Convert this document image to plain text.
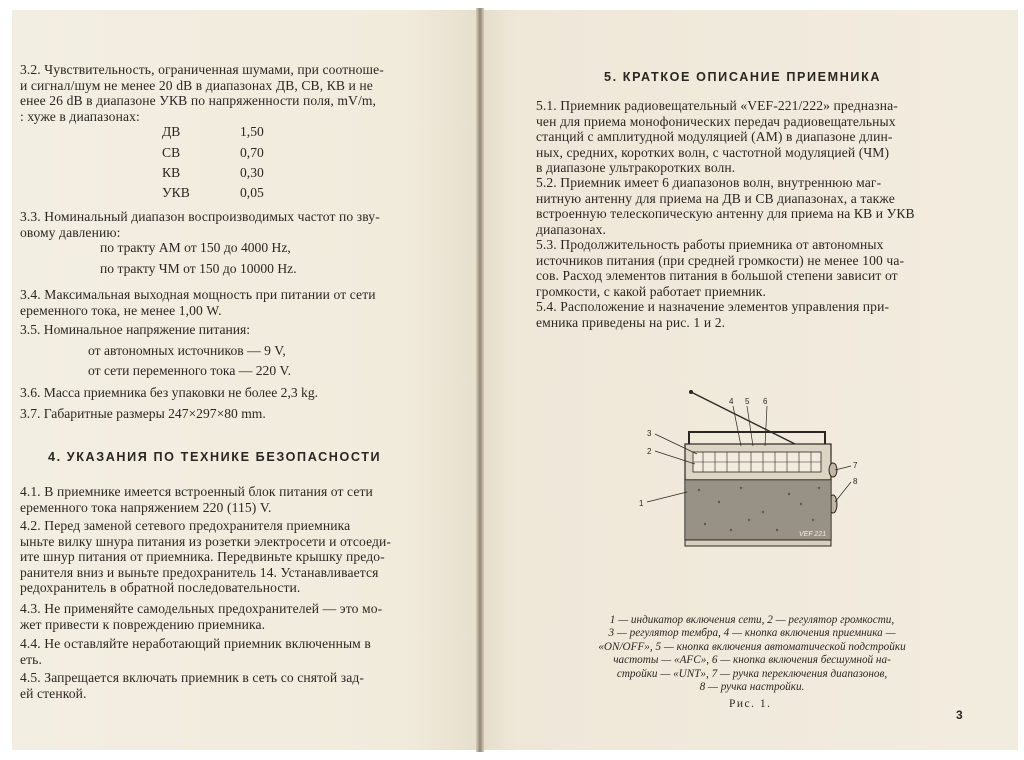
3.2. Чувствительность, ограниченная шумами, при соотноше-
и сигнал/шум не менее 20 dB в диапазонах ДВ, СВ, КВ и не
енее 26 dB в диапазоне УКВ по напряженности поля, mV/m,
: хуже в диапазонах:

ДВ	1,50
СВ	0,70
КВ	0,30
УКВ	0,05

3.3. Номинальный диапазон воспроизводимых частот по зву-
овому давлению:

по тракту АМ от 150 до 4000 Hz,

по тракту ЧМ от 150 до 10000 Hz.

3.4. Максимальная выходная мощность при питании от сети
еременного тока, не менее 1,00 W.

3.5. Номинальное напряжение питания:

от автономных источников — 9 V,

от сети переменного тока — 220 V.

3.6. Масса приемника без упаковки не более 2,3 kg.

3.7. Габаритные размеры 247×297×80 mm.

4. УКАЗАНИЯ ПО ТЕХНИКЕ БЕЗОПАСНОСТИ

4.1. В приемнике имеется встроенный блок питания от сети
еременного тока напряжением 220 (115) V.

4.2. Перед заменой сетевого предохранителя приемника
ыньте вилку шнура питания из розетки электросети и отсоеди-
ите шнур питания от приемника. Передвиньте крышку предо-
ранителя вниз и выньте предохранитель 14. Устанавливается
редохранитель в обратной последовательности.

4.3. Не применяйте самодельных предохранителей — это мо-
жет привести к повреждению приемника.

4.4. Не оставляйте неработающий приемник включенным в
еть.

4.5. Запрещается включать приемник в сеть со снятой зад-
ей стенкой.

5. КРАТКОЕ ОПИСАНИЕ ПРИЕМНИКА

5.1. Приемник радиовещательный «VEF-221/222» предназна-
чен для приема монофонических передач радиовещательных
станций с амплитудной модуляцией (АМ) в диапазоне длин-
ных, средних, коротких волн, с частотной модуляцией (ЧМ)
в диапазоне ультракоротких волн.

5.2. Приемник имеет 6 диапазонов волн, внутреннюю маг-
нитную антенну для приема на ДВ и СВ диапазонах, а также
встроенную телескопическую антенну для приема на КВ и УКВ
диапазонах.

5.3. Продолжительность работы приемника от автономных
источников питания (при средней громкости) не менее 100 ча-
сов. Расход элементов питания в большой степени зависит от
громкости, с какой работает приемник.

5.4. Расположение и назначение элементов управления при-
емника приведены на рис. 1 и 2.

VEF 221
1
2
3
4 5 6
7
8

1 — индикатор включения сети, 2 — регулятор громкости,
3 — регулятор тембра, 4 — кнопка включения приемника —
«ON/OFF», 5 — кнопка включения автоматической подстройки
частоты — «AFC», 6 — кнопка включения бесшумной на-
стройки — «UNT», 7 — ручка переключения диапазонов,
8 — ручка настройки.

Рис. 1.

3
